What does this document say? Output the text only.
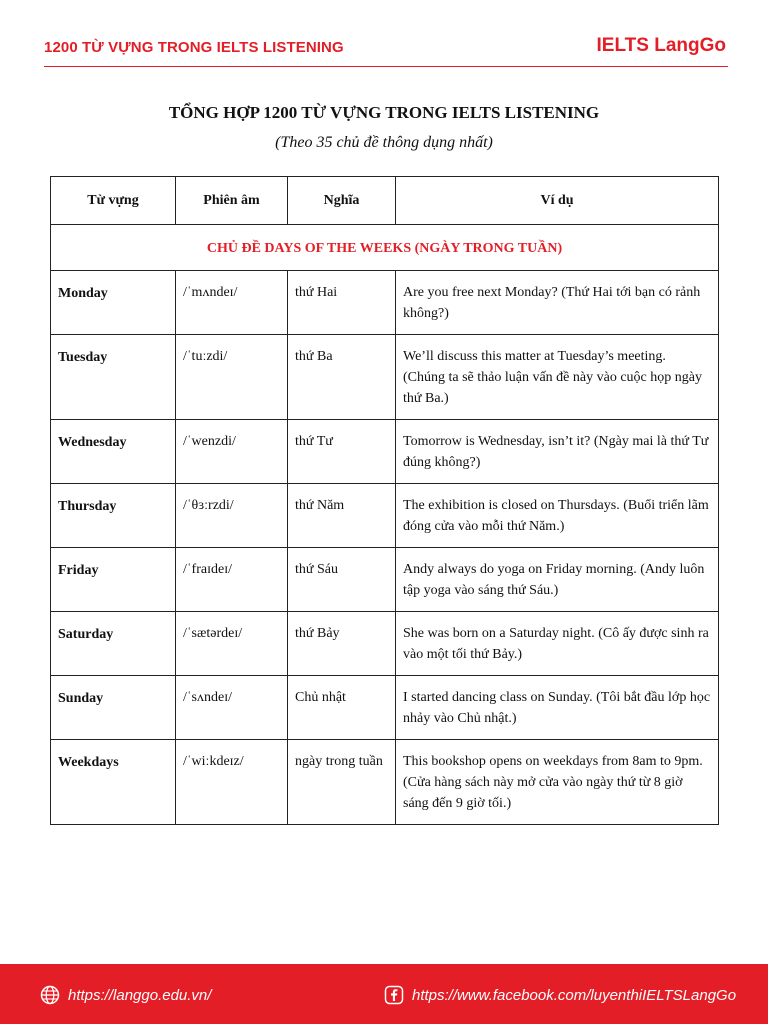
1200 TỪ VỰNG TRONG IELTS LISTENING	IELTS LangGo
TỔNG HỢP 1200 TỪ VỰNG TRONG IELTS LISTENING
(Theo 35 chủ đề thông dụng nhất)
Từ vựng	Phiên âm	Nghĩa	Ví dụ
CHỦ ĐỀ DAYS OF THE WEEKS (NGÀY TRONG TUẦN)			
Monday	/ˈmʌndeɪ/	thứ Hai	Are you free next Monday? (Thứ Hai tới bạn có rảnh không?)
Tuesday	/ˈtuːzdi/	thứ Ba	We’ll discuss this matter at Tuesday’s meeting. (Chúng ta sẽ thảo luận vấn đề này vào cuộc họp ngày thứ Ba.)
Wednesday	/ˈwenzdi/	thứ Tư	Tomorrow is Wednesday, isn’t it? (Ngày mai là thứ Tư đúng không?)
Thursday	/ˈθɜːrzdi/	thứ Năm	The exhibition is closed on Thursdays. (Buổi triển lãm đóng cửa vào mỗi thứ Năm.)
Friday	/ˈfraɪdeɪ/	thứ Sáu	Andy always do yoga on Friday morning. (Andy luôn tập yoga vào sáng thứ Sáu.)
Saturday	/ˈsætərdeɪ/	thứ Bảy	She was born on a Saturday night. (Cô ấy được sinh ra vào một tối thứ Bảy.)
Sunday	/ˈsʌndeɪ/	Chủ nhật	I started dancing class on Sunday. (Tôi bắt đầu lớp học nhảy vào Chủ nhật.)
Weekdays	/ˈwiːkdeɪz/	ngày trong tuần	This bookshop opens on weekdays from 8am to 9pm. (Cửa hàng sách này mở cửa vào ngày thứ từ 8 giờ sáng đến 9 giờ tối.)
https://langgo.edu.vn/	https://www.facebook.com/luyenthiIELTSLangGo
